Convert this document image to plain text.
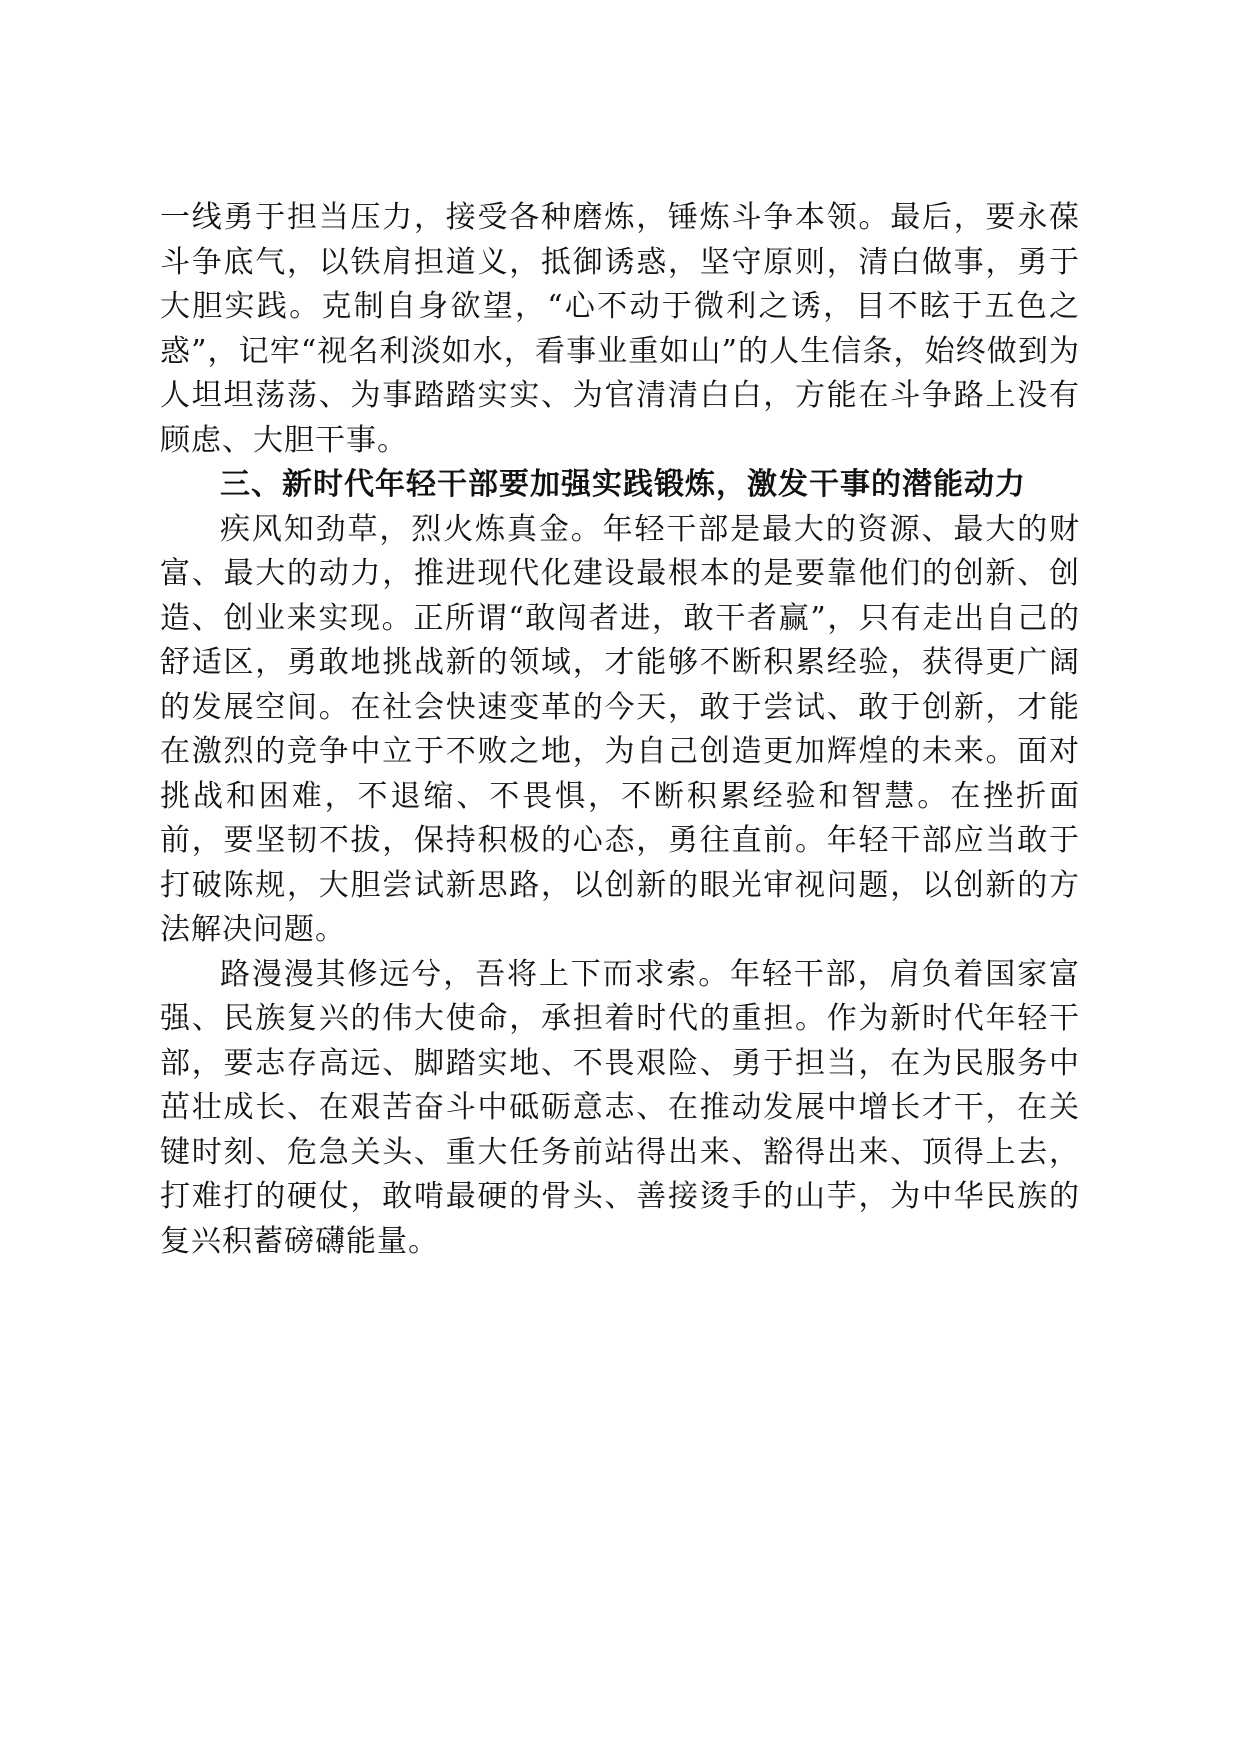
一线勇于担当压力，接受各种磨炼，锤炼斗争本领。最后，要永葆斗争底气，以铁肩担道义，抵御诱惑，坚守原则，清白做事，勇于大胆实践。克制自身欲望，“心不动于微利之诱，目不眩于五色之惑”，记牢“视名利淡如水，看事业重如山”的人生信条，始终做到为人坦坦荡荡、为事踏踏实实、为官清清白白，方能在斗争路上没有顾虑、大胆干事。

三、新时代年轻干部要加强实践锻炼，激发干事的潜能动力

疾风知劲草，烈火炼真金。年轻干部是最大的资源、最大的财富、最大的动力，推进现代化建设最根本的是要靠他们的创新、创造、创业来实现。正所谓“敢闯者进，敢干者赢”，只有走出自己的舒适区，勇敢地挑战新的领域，才能够不断积累经验，获得更广阔的发展空间。在社会快速变革的今天，敢于尝试、敢于创新，才能在激烈的竞争中立于不败之地，为自己创造更加辉煌的未来。面对挑战和困难，不退缩、不畏惧，不断积累经验和智慧。在挫折面前，要坚韧不拔，保持积极的心态，勇往直前。年轻干部应当敢于打破陈规，大胆尝试新思路，以创新的眼光审视问题，以创新的方法解决问题。

路漫漫其修远兮，吾将上下而求索。年轻干部，肩负着国家富强、民族复兴的伟大使命，承担着时代的重担。作为新时代年轻干部，要志存高远、脚踏实地、不畏艰险、勇于担当，在为民服务中茁壮成长、在艰苦奋斗中砥砺意志、在推动发展中增长才干，在关键时刻、危急关头、重大任务前站得出来、豁得出来、顶得上去，打难打的硬仗，敢啃最硬的骨头、善接烫手的山芋，为中华民族的复兴积蓄磅礴能量。
